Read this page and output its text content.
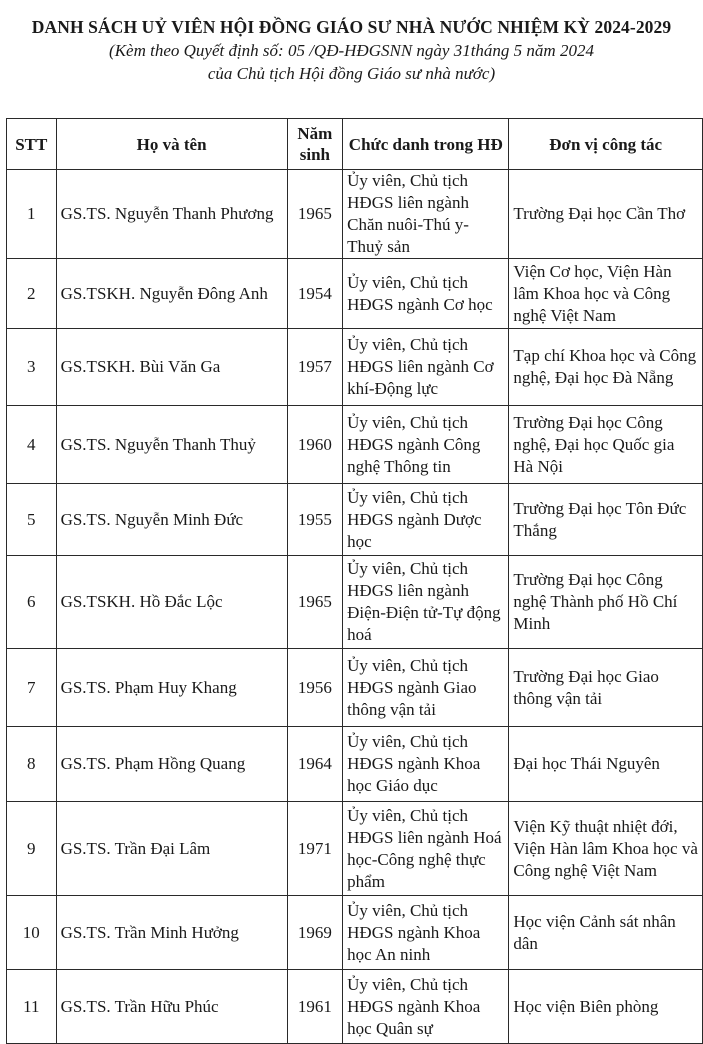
DANH SÁCH UỶ VIÊN HỘI ĐỒNG GIÁO SƯ NHÀ NƯỚC NHIỆM KỲ 2024-2029
(Kèm theo Quyết định số: 05 /QĐ-HĐGSNN ngày 31tháng 5 năm 2024
của Chủ tịch Hội đồng Giáo sư nhà nước)
STT	Họ và tên	Năm sinh	Chức danh trong HĐ	Đơn vị công tác
1	GS.TS. Nguyễn Thanh Phương	1965	Ủy viên, Chủ tịch HĐGS liên ngành Chăn nuôi-Thú y-Thuỷ sản	Trường Đại học Cần Thơ
2	GS.TSKH. Nguyễn Đông Anh	1954	Ủy viên, Chủ tịch HĐGS ngành Cơ học	Viện Cơ học, Viện Hàn lâm Khoa học và Công nghệ Việt Nam
3	GS.TSKH. Bùi Văn Ga	1957	Ủy viên, Chủ tịch HĐGS liên ngành Cơ khí-Động lực	Tạp chí Khoa học và Công nghệ, Đại học Đà Nẵng
4	GS.TS. Nguyễn Thanh Thuỷ	1960	Ủy viên, Chủ tịch HĐGS ngành Công nghệ Thông tin	Trường Đại học Công nghệ, Đại học Quốc gia Hà Nội
5	GS.TS. Nguyễn Minh Đức	1955	Ủy viên, Chủ tịch HĐGS ngành Dược học	Trường Đại học Tôn Đức Thắng
6	GS.TSKH. Hồ Đắc Lộc	1965	Ủy viên, Chủ tịch HĐGS liên ngành Điện-Điện tử-Tự động hoá	Trường Đại học Công nghệ Thành phố Hồ Chí Minh
7	GS.TS. Phạm Huy Khang	1956	Ủy viên, Chủ tịch HĐGS ngành Giao thông vận tải	Trường Đại học Giao thông vận tải
8	GS.TS. Phạm Hồng Quang	1964	Ủy viên, Chủ tịch HĐGS ngành Khoa học Giáo dục	Đại học Thái Nguyên
9	GS.TS. Trần Đại Lâm	1971	Ủy viên, Chủ tịch HĐGS liên ngành Hoá học-Công nghệ thực phẩm	Viện Kỹ thuật nhiệt đới, Viện Hàn lâm Khoa học và Công nghệ Việt Nam
10	GS.TS. Trần Minh Hưởng	1969	Ủy viên, Chủ tịch HĐGS ngành Khoa học An ninh	Học viện Cảnh sát nhân dân
11	GS.TS. Trần Hữu Phúc	1961	Ủy viên, Chủ tịch HĐGS ngành Khoa học Quân sự	Học viện Biên phòng
